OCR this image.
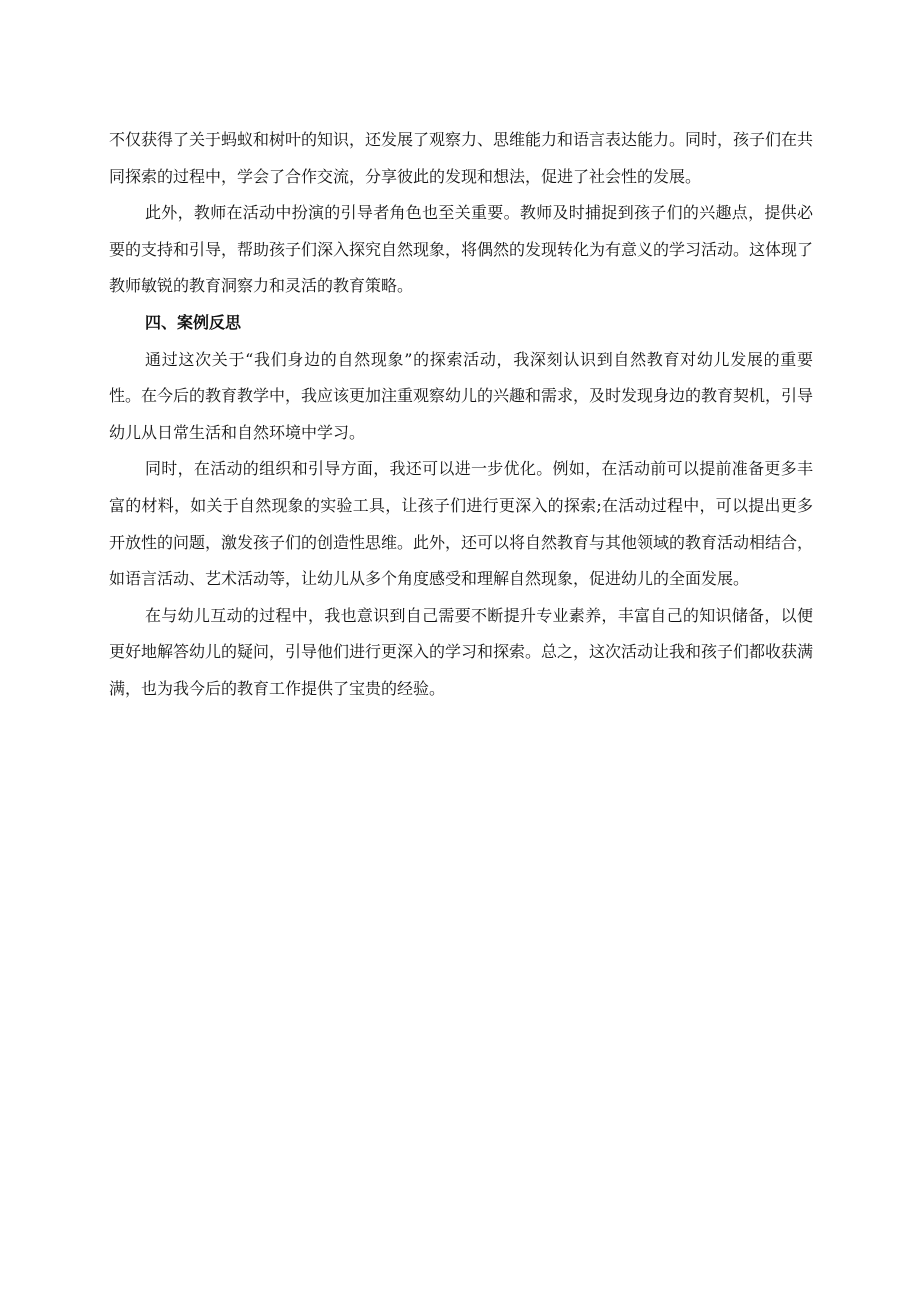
不仅获得了关于蚂蚁和树叶的知识，还发展了观察力、思维能力和语言表达能力。同时，孩子们在共同探索的过程中，学会了合作交流，分享彼此的发现和想法，促进了社会性的发展。

此外，教师在活动中扮演的引导者角色也至关重要。教师及时捕捉到孩子们的兴趣点，提供必要的支持和引导，帮助孩子们深入探究自然现象，将偶然的发现转化为有意义的学习活动。这体现了教师敏锐的教育洞察力和灵活的教育策略。

四、案例反思

通过这次关于“我们身边的自然现象”的探索活动，我深刻认识到自然教育对幼儿发展的重要性。在今后的教育教学中，我应该更加注重观察幼儿的兴趣和需求，及时发现身边的教育契机，引导幼儿从日常生活和自然环境中学习。

同时，在活动的组织和引导方面，我还可以进一步优化。例如，在活动前可以提前准备更多丰富的材料，如关于自然现象的实验工具，让孩子们进行更深入的探索;在活动过程中，可以提出更多开放性的问题，激发孩子们的创造性思维。此外，还可以将自然教育与其他领域的教育活动相结合，如语言活动、艺术活动等，让幼儿从多个角度感受和理解自然现象，促进幼儿的全面发展。

在与幼儿互动的过程中，我也意识到自己需要不断提升专业素养，丰富自己的知识储备，以便更好地解答幼儿的疑问，引导他们进行更深入的学习和探索。总之，这次活动让我和孩子们都收获满满，也为我今后的教育工作提供了宝贵的经验。
